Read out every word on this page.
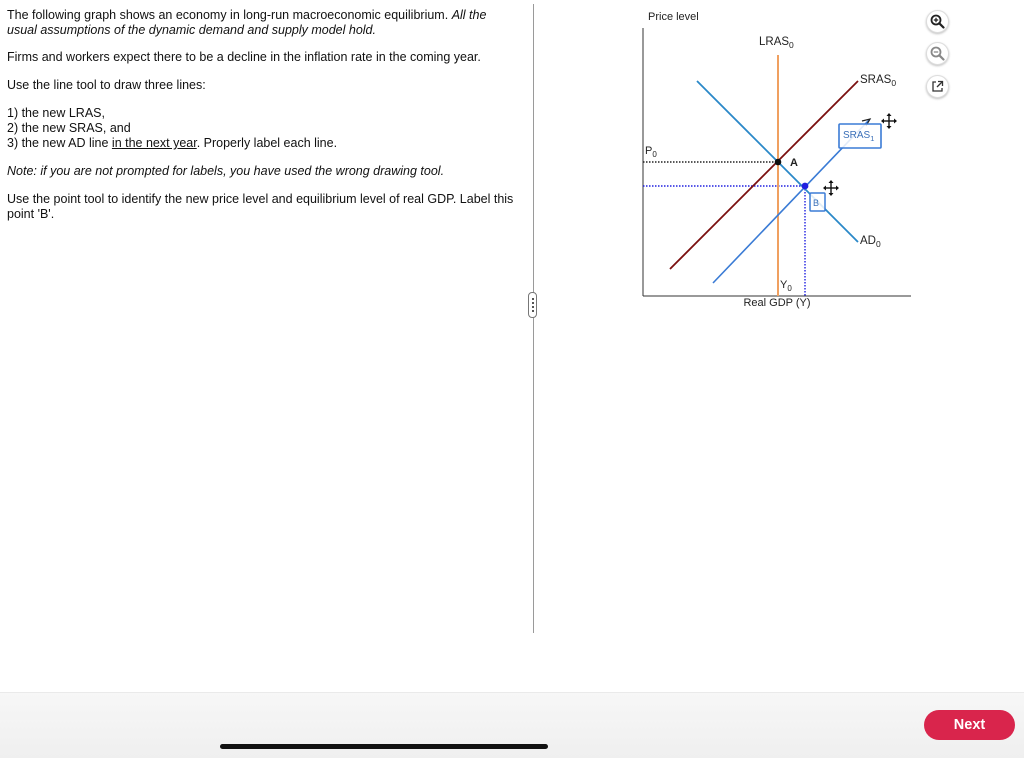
The following graph shows an economy in long-run macroeconomic equilibrium. All the usual assumptions of the dynamic demand and supply model hold.

Firms and workers expect there to be a decline in the inflation rate in the coming year.

Use the line tool to draw three lines:

1) the new LRAS,
2) the new SRAS, and
3) the new AD line in the next year. Properly label each line.

Note: if you are not prompted for labels, you have used the wrong drawing tool.

Use the point tool to identify the new price level and equilibrium level of real GDP. Label this point 'B'.

Price level
Real GDP (Y)
$P_0$
$Y_0$
$LRAS_0$
$SRAS_0$
$AD_0$
$SRAS_1$
A
B
Next
